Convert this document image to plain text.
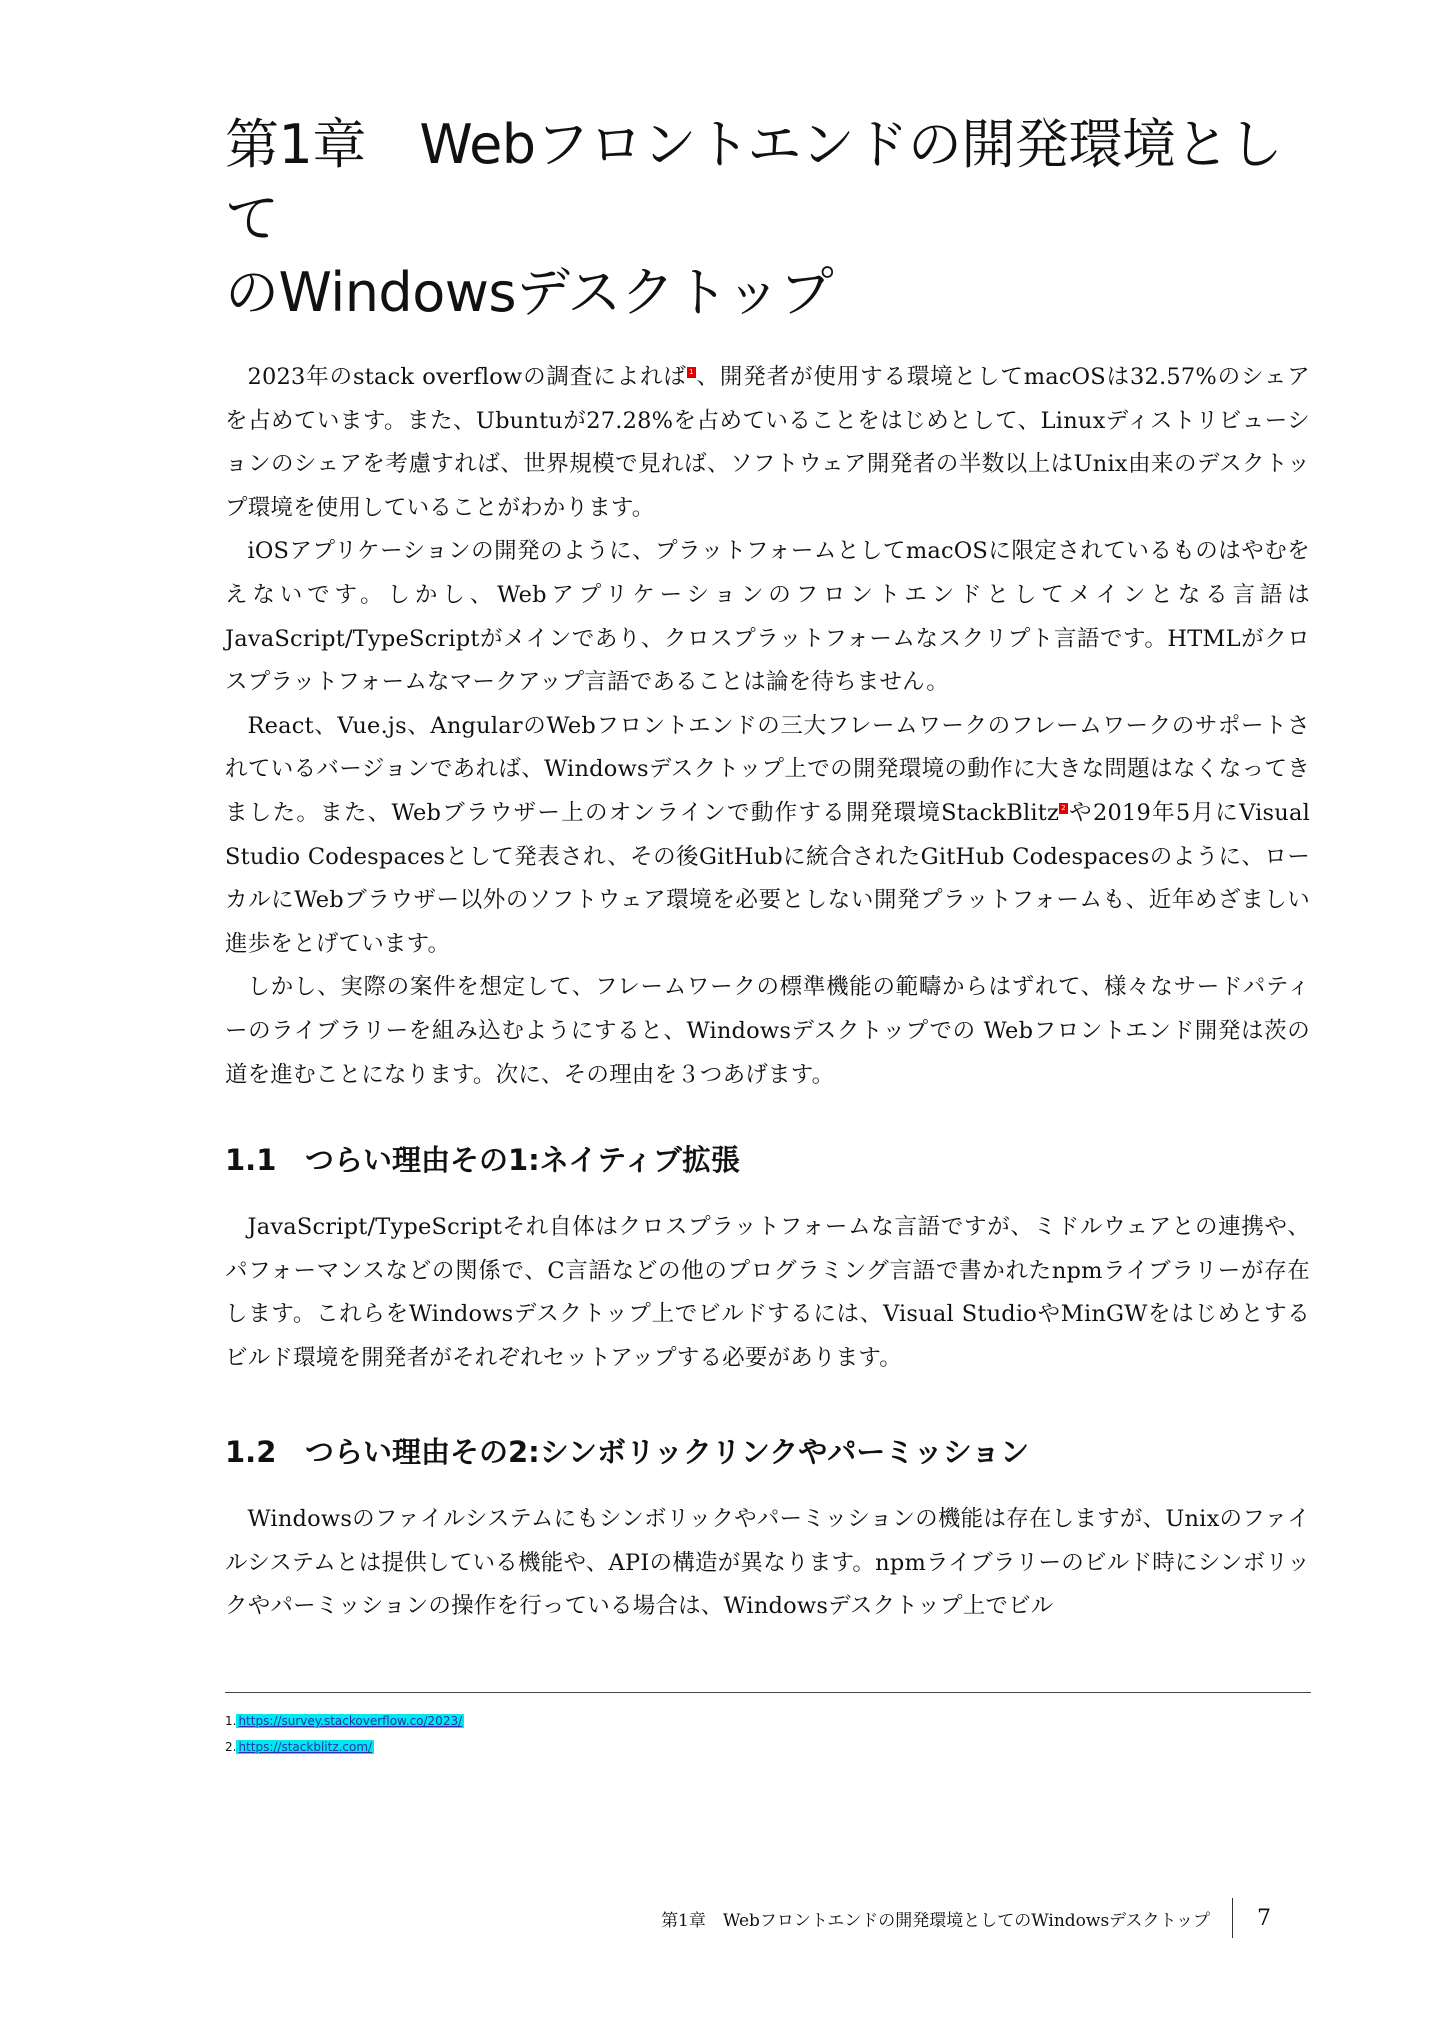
第1章　Webフロントエンドの開発環境として
のWindowsデスクトップ

2023年のstack overflowの調査によれば 1、開発者が使用する環境としてmacOSは32.57%のシェアを占めています。また、Ubuntuが27.28%を占めていることをはじめとして、Linuxディストリビューションのシェアを考慮すれば、世界規模で見れば、ソフトウェア開発者の半数以上はUnix由来のデスクトップ環境を使用していることがわかります。

iOSアプリケーションの開発のように、プラットフォームとしてmacOSに限定されているものはやむをえないです。しかし、Webアプリケーションのフロントエンドとしてメインとなる言語はJavaScript/TypeScriptがメインであり、クロスプラットフォームなスクリプト言語です。HTMLがクロスプラットフォームなマークアップ言語であることは論を待ちません。

React、Vue.js、AngularのWebフロントエンドの三大フレームワークのフレームワークのサポートされているバージョンであれば、Windowsデスクトップ上での開発環境の動作に大きな問題はなくなってきました。また、Webブラウザー上のオンラインで動作する開発環境StackBlitz 2や2019年5月にVisual Studio Codespacesとして発表され、その後GitHubに統合されたGitHub Codespacesのように、ローカルにWebブラウザー以外のソフトウェア環境を必要としない開発プラットフォームも、近年めざましい進歩をとげています。

しかし、実際の案件を想定して、フレームワークの標準機能の範疇からはずれて、様々なサードパティーのライブラリーを組み込むようにすると、Windowsデスクトップでの Webフロントエンド開発は茨の道を進むことになります。次に、その理由を３つあげます。

1.1 つらい理由その1:ネイティブ拡張

JavaScript/TypeScriptそれ自体はクロスプラットフォームな言語ですが、ミドルウェアとの連携や、パフォーマンスなどの関係で、C言語などの他のプログラミング言語で書かれたnpmライブラリーが存在します。これらをWindowsデスクトップ上でビルドするには、Visual StudioやMinGWをはじめとするビルド環境を開発者がそれぞれセットアップする必要があります。

1.2 つらい理由その2:シンボリックリンクやパーミッション

Windowsのファイルシステムにもシンボリックやパーミッションの機能は存在しますが、Unixのファイルシステムとは提供している機能や、APIの構造が異なります。npmライブラリーのビルド時にシンボリックやパーミッションの操作を行っている場合は、Windowsデスクトップ上でビル

1. https://survey.stackoverflow.co/2023/
2. https://stackblitz.com/
第1章　Webフロントエンドの開発環境としてのWindowsデスクトップ 7
